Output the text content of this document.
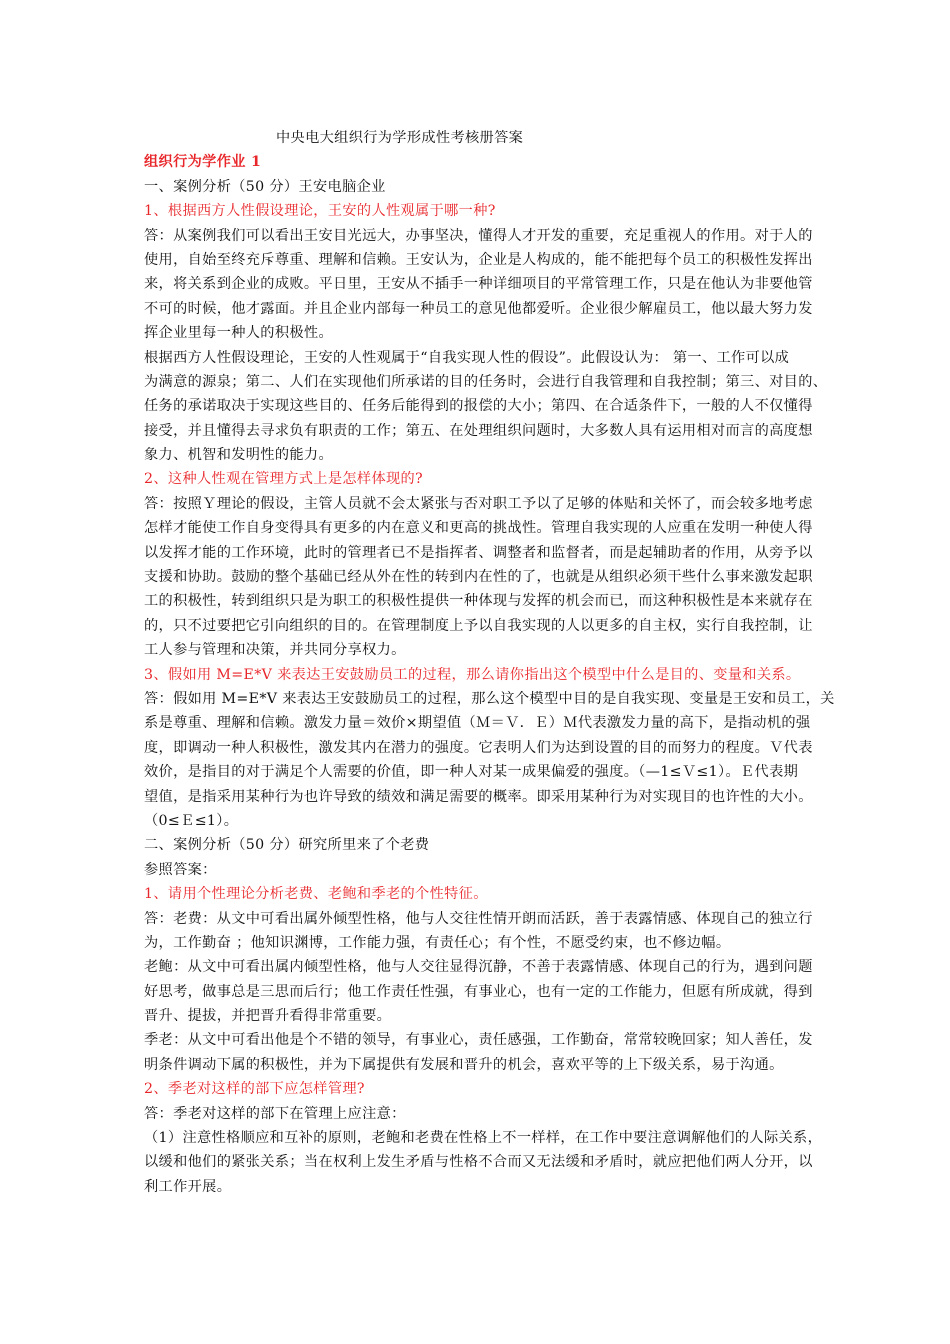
中央电大组织行为学形成性考核册答案
组织行为学作业 1
一、案例分析（50 分）王安电脑企业
1、根据西方人性假设理论，王安的人性观属于哪一种?
答：从案例我们可以看出王安目光远大，办事坚决，懂得人才开发的重要，充足重视人的作用。对于人的
使用，自始至终充斥尊重、理解和信赖。王安认为，企业是人构成的，能不能把每个员工的积极性发挥出
来，将关系到企业的成败。平日里，王安从不插手一种详细项目的平常管理工作，只是在他认为非要他管
不可的时候，他才露面。并且企业内部每一种员工的意见他都爱听。企业很少解雇员工，他以最大努力发
挥企业里每一种人的积极性。
根据西方人性假设理论，王安的人性观属于“自我实现人性的假设”。此假设认为： 第一、工作可以成
为满意的源泉；第二、人们在实现他们所承诺的目的任务时，会进行自我管理和自我控制；第三、对目的、
任务的承诺取决于实现这些目的、任务后能得到的报偿的大小；第四、在合适条件下，一般的人不仅懂得
接受，并且懂得去寻求负有职责的工作；第五、在处理组织问题时，大多数人具有运用相对而言的高度想
象力、机智和发明性的能力。
2、这种人性观在管理方式上是怎样体现的?
答：按照Ｙ理论的假设，主管人员就不会太紧张与否对职工予以了足够的体贴和关怀了，而会较多地考虑
怎样才能使工作自身变得具有更多的内在意义和更高的挑战性。管理自我实现的人应重在发明一种使人得
以发挥才能的工作环境，此时的管理者已不是指挥者、调整者和监督者，而是起辅助者的作用，从旁予以
支援和协助。鼓励的整个基础已经从外在性的转到内在性的了，也就是从组织必须干些什么事来激发起职
工的积极性，转到组织只是为职工的积极性提供一种体现与发挥的机会而已，而这种积极性是本来就存在
的，只不过要把它引向组织的目的。在管理制度上予以自我实现的人以更多的自主权，实行自我控制，让
工人参与管理和决策，并共同分享权力。
3、假如用 M=E*V 来表达王安鼓励员工的过程，那么请你指出这个模型中什么是目的、变量和关系。
答：假如用 M=E*V 来表达王安鼓励员工的过程，那么这个模型中目的是自我实现、变量是王安和员工，关
系是尊重、理解和信赖。激发力量＝效价×期望值（Ｍ＝Ｖ．Ｅ）Ｍ代表激发力量的高下，是指动机的强
度，即调动一种人积极性，激发其内在潜力的强度。它表明人们为达到设置的目的而努力的程度。Ｖ代表
效价，是指目的对于满足个人需要的价值，即一种人对某一成果偏爱的强度。（—1≤Ｖ≤1）。Ｅ代表期
望值，是指采用某种行为也许导致的绩效和满足需要的概率。即采用某种行为对实现目的也许性的大小。
（0≤Ｅ≤1）。
二、案例分析（50 分）研究所里来了个老费
参照答案：
1、请用个性理论分析老费、老鲍和季老的个性特征。
答：老费：从文中可看出属外倾型性格，他与人交往性情开朗而活跃，善于表露情感、体现自己的独立行
为，工作勤奋 ；他知识渊博，工作能力强，有责任心；有个性，不愿受约束，也不修边幅。
老鲍：从文中可看出属内倾型性格，他与人交往显得沉静，不善于表露情感、体现自己的行为，遇到问题
好思考，做事总是三思而后行；他工作责任性强，有事业心，也有一定的工作能力，但愿有所成就，得到
晋升、提拔，并把晋升看得非常重要。
季老：从文中可看出他是个不错的领导，有事业心，责任感强，工作勤奋，常常较晚回家；知人善任，发
明条件调动下属的积极性，并为下属提供有发展和晋升的机会，喜欢平等的上下级关系，易于沟通。
2、季老对这样的部下应怎样管理?
答：季老对这样的部下在管理上应注意：
（1）注意性格顺应和互补的原则，老鲍和老费在性格上不一样样，在工作中要注意调解他们的人际关系，
以缓和他们的紧张关系；当在权利上发生矛盾与性格不合而又无法缓和矛盾时，就应把他们两人分开，以
利工作开展。
